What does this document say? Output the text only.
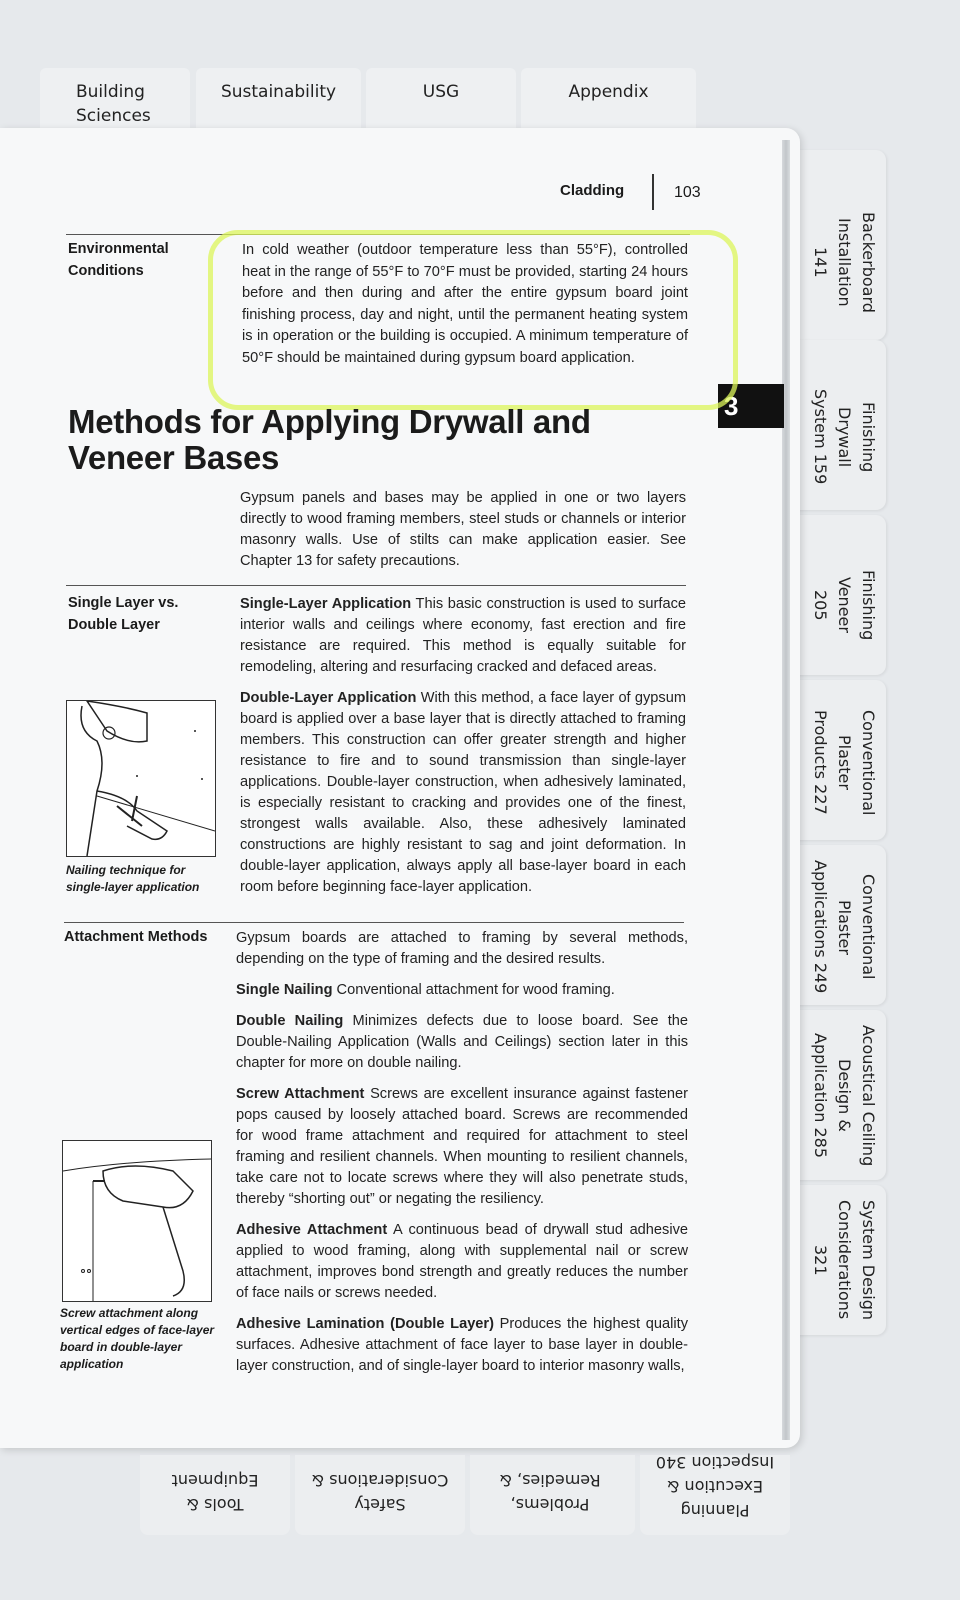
Building
Sciences
Sustainability	USG	Appendix
Backerboard
Installation
141
Finishing
Drywall
System 159
Finishing
Veneer
205
Conventional
Plaster
Products 227
Conventional
Plaster
Applications 249
Acoustical Ceiling
Design &
Application 285
System Design
Considerations
321
Planning
Execution &
Inspection 340
Problems,
Remedies, &
Safety
Considerations &
Tools &
Equipment
Cladding	103
3
Environmental
Conditions
In cold weather (outdoor temperature less than 55°F), controlled heat in the range of 55°F to 70°F must be provided, starting 24 hours before and then during and after the entire gypsum board joint finishing process, day and night, until the permanent heating system is in operation or the building is occupied. A minimum temperature of 50°F should be maintained during gypsum board application.
Methods for Applying Drywall and Veneer Bases
Gypsum panels and bases may be applied in one or two layers directly to wood framing members, steel studs or channels or interior masonry walls. Use of stilts can make application easier. See Chapter 13 for safety precautions.
Single Layer vs.
Double Layer

Single-Layer Application This basic construction is used to surface interior walls and ceilings where economy, fast erection and fire resistance are required. This method is equally suitable for remodeling, altering and resurfacing cracked and defaced areas.

Double-Layer Application With this method, a face layer of gypsum board is applied over a base layer that is directly attached to framing members. This construction can offer greater strength and higher resistance to fire and to sound transmission than single-layer applications. Double-layer construction, when adhesively laminated, is especially resistant to cracking and provides one of the finest, strongest walls available. Also, these adhesively laminated constructions are highly resistant to sag and joint deformation. In double-layer application, always apply all base-layer board in each room before beginning face-layer application.

Nailing technique for
single-layer application
Attachment Methods Gypsum boards are attached to framing by several methods, depending on the type of framing and the desired results.

Single Nailing Conventional attachment for wood framing.

Double Nailing Minimizes defects due to loose board. See the Double-Nailing Application (Walls and Ceilings) section later in this chapter for more on double nailing.

Screw Attachment Screws are excellent insurance against fastener pops caused by loosely attached board. Screws are recommended for wood frame attachment and required for attachment to steel framing and resilient channels. When mounting to resilient channels, take care not to locate screws where they will also penetrate studs, thereby “shorting out” or negating the resiliency.

Adhesive Attachment A continuous bead of drywall stud adhesive applied to wood framing, along with supplemental nail or screw attachment, improves bond strength and greatly reduces the number of face nails or screws needed.

Adhesive Lamination (Double Layer) Produces the highest quality surfaces. Adhesive attachment of face layer to base layer in double-layer construction, and of single-layer board to interior masonry walls,

Screw attachment along
vertical edges of face-layer
board in double-layer
application
